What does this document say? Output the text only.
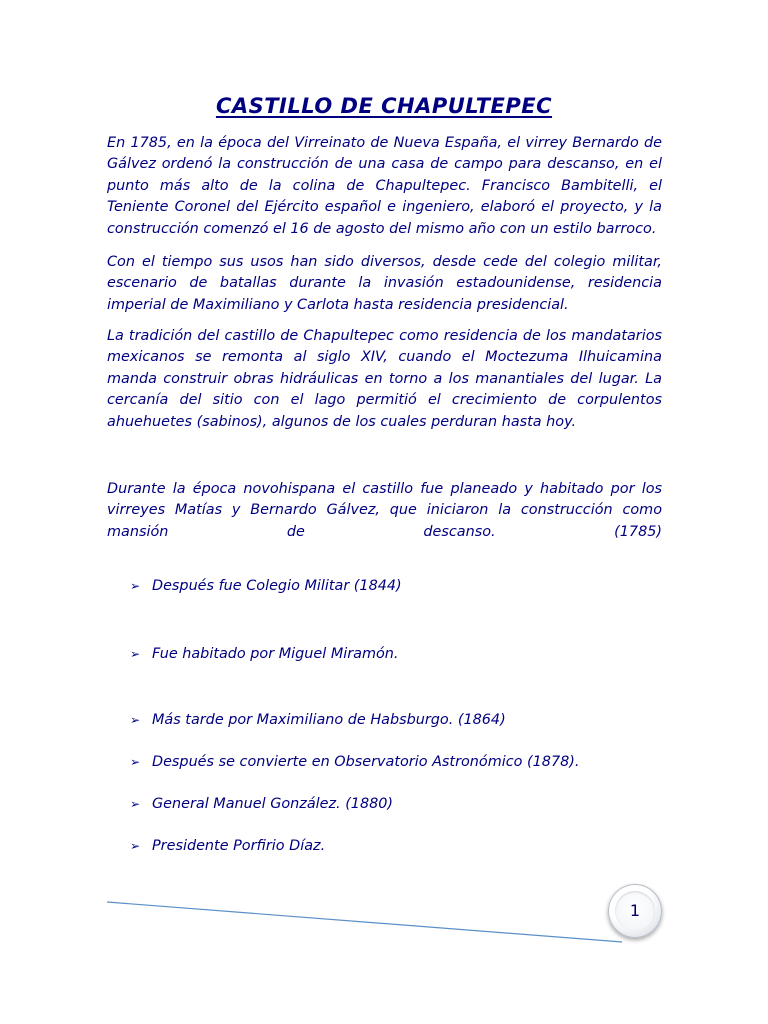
CASTILLO DE CHAPULTEPEC

En 1785, en la época del Virreinato de Nueva España, el virrey Bernardo de Gálvez ordenó la construcción de una casa de campo para descanso, en el punto más alto de la colina de Chapultepec. Francisco Bambitelli, el Teniente Coronel del Ejército español e ingeniero, elaboró el proyecto, y la construcción comenzó el 16 de agosto del mismo año con un estilo barroco.

Con el tiempo sus usos han sido diversos, desde cede del colegio militar, escenario de batallas durante la invasión estadounidense, residencia imperial de Maximiliano y Carlota hasta residencia presidencial.

La tradición del castillo de Chapultepec como residencia de los mandatarios mexicanos se remonta al siglo XIV, cuando el Moctezuma Ilhuicamina manda construir obras hidráulicas en torno a los manantiales del lugar. La cercanía del sitio con el lago permitió el crecimiento de corpulentos ahuehuetes (sabinos), algunos de los cuales perduran hasta hoy.

Durante la época novohispana el castillo fue planeado y habitado por los virreyes Matías y Bernardo Gálvez, que iniciaron la construcción como mansión de descanso. (1785)

➢ Después fue Colegio Militar (1844)
➢ Fue habitado por Miguel Miramón.
➢ Más tarde por Maximiliano de Habsburgo. (1864)
➢ Después se convierte en Observatorio Astronómico (1878).
➢ General Manuel González. (1880)
➢ Presidente Porfirio Díaz.
1
